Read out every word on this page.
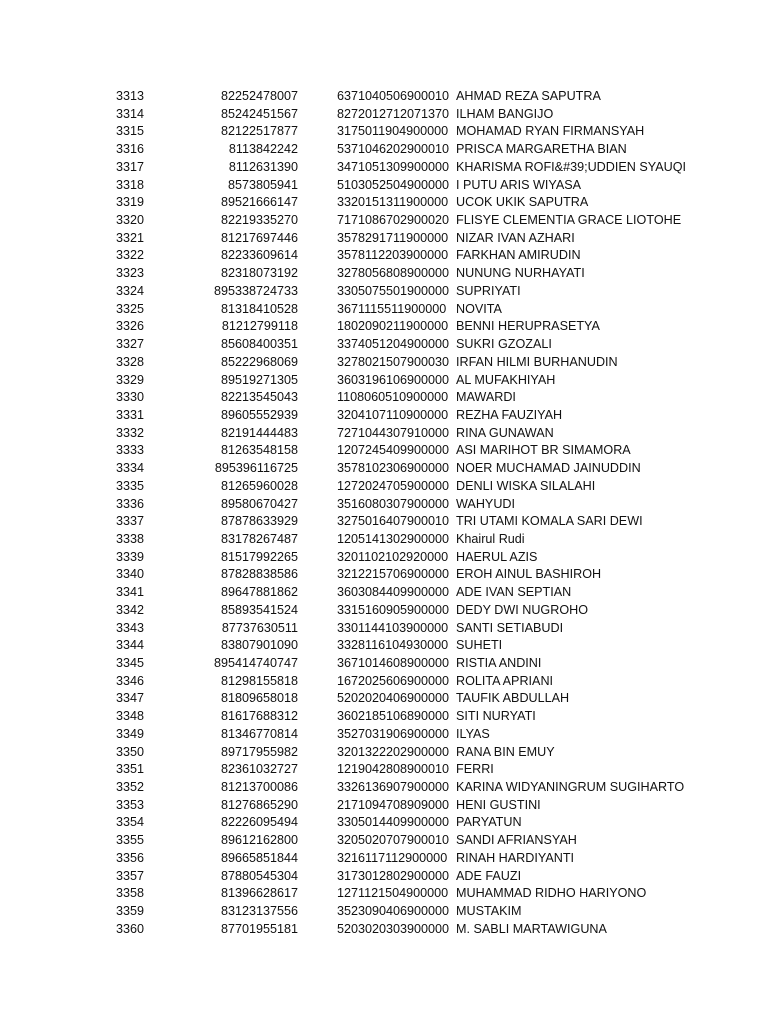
3313	82252478007	6371040506900010 AHMAD REZA SAPUTRA
3314	85242451567	8272012712071370 ILHAM BANGIJO
3315	82122517877	3175011904900000 MOHAMAD RYAN FIRMANSYAH
3316	8113842242	5371046202900010 PRISCA MARGARETHA BIAN
3317	8112631390	3471051309900000 KHARISMA ROFI&#39;UDDIEN SYAUQI
3318	8573805941	5103052504900000 I PUTU ARIS WIYASA
3319	89521666147	3320151311900000 UCOK UKIK SAPUTRA
3320	82219335270	7171086702900020 FLISYE CLEMENTIA GRACE LIOTOHE
3321	81217697446	3578291711900000 NIZAR IVAN AZHARI
3322	82233609614	3578112203900000 FARKHAN AMIRUDIN
3323	82318073192	3278056808900000 NUNUNG NURHAYATI
3324	895338724733	3305075501900000 SUPRIYATI
3325	81318410528	3671115511900000 NOVITA
3326	81212799118	1802090211900000 BENNI HERUPRASETYA
3327	85608400351	3374051204900000 SUKRI GZOZALI
3328	85222968069	3278021507900030 IRFAN HILMI BURHANUDIN
3329	89519271305	3603196106900000 AL MUFAKHIYAH
3330	82213545043	1108060510900000 MAWARDI
3331	89605552939	3204107110900000 REZHA FAUZIYAH
3332	82191444483	7271044307910000 RINA GUNAWAN
3333	81263548158	1207245409900000 ASI MARIHOT BR SIMAMORA
3334	895396116725	3578102306900000 NOER MUCHAMAD JAINUDDIN
3335	81265960028	1272024705900000 DENLI WISKA SILALAHI
3336	89580670427	3516080307900000 WAHYUDI
3337	87878633929	3275016407900010 TRI UTAMI KOMALA SARI DEWI
3338	83178267487	1205141302900000 Khairul Rudi
3339	81517992265	3201102102920000 HAERUL AZIS
3340	87828838586	3212215706900000 EROH AINUL BASHIROH
3341	89647881862	3603084409900000 ADE IVAN SEPTIAN
3342	85893541524	3315160905900000 DEDY DWI NUGROHO
3343	87737630511	3301144103900000 SANTI SETIABUDI
3344	83807901090	3328116104930000 SUHETI
3345	895414740747	3671014608900000 RISTIA ANDINI
3346	81298155818	1672025606900000 ROLITA APRIANI
3347	81809658018	5202020406900000 TAUFIK ABDULLAH
3348	81617688312	3602185106890000 SITI NURYATI
3349	81346770814	3527031906900000 ILYAS
3350	89717955982	3201322202900000 RANA BIN EMUY
3351	82361032727	1219042808900010 FERRI
3352	81213700086	3326136907900000 KARINA WIDYANINGRUM SUGIHARTO
3353	81276865290	2171094708909000 HENI GUSTINI
3354	82226095494	3305014409900000 PARYATUN
3355	89612162800	3205020707900010 SANDI AFRIANSYAH
3356	89665851844	3216117112900000 RINAH HARDIYANTI
3357	87880545304	3173012802900000 ADE FAUZI
3358	81396628617	1271121504900000 MUHAMMAD RIDHO HARIYONO
3359	83123137556	3523090406900000 MUSTAKIM
3360	87701955181	5203020303900000 M. SABLI MARTAWIGUNA
